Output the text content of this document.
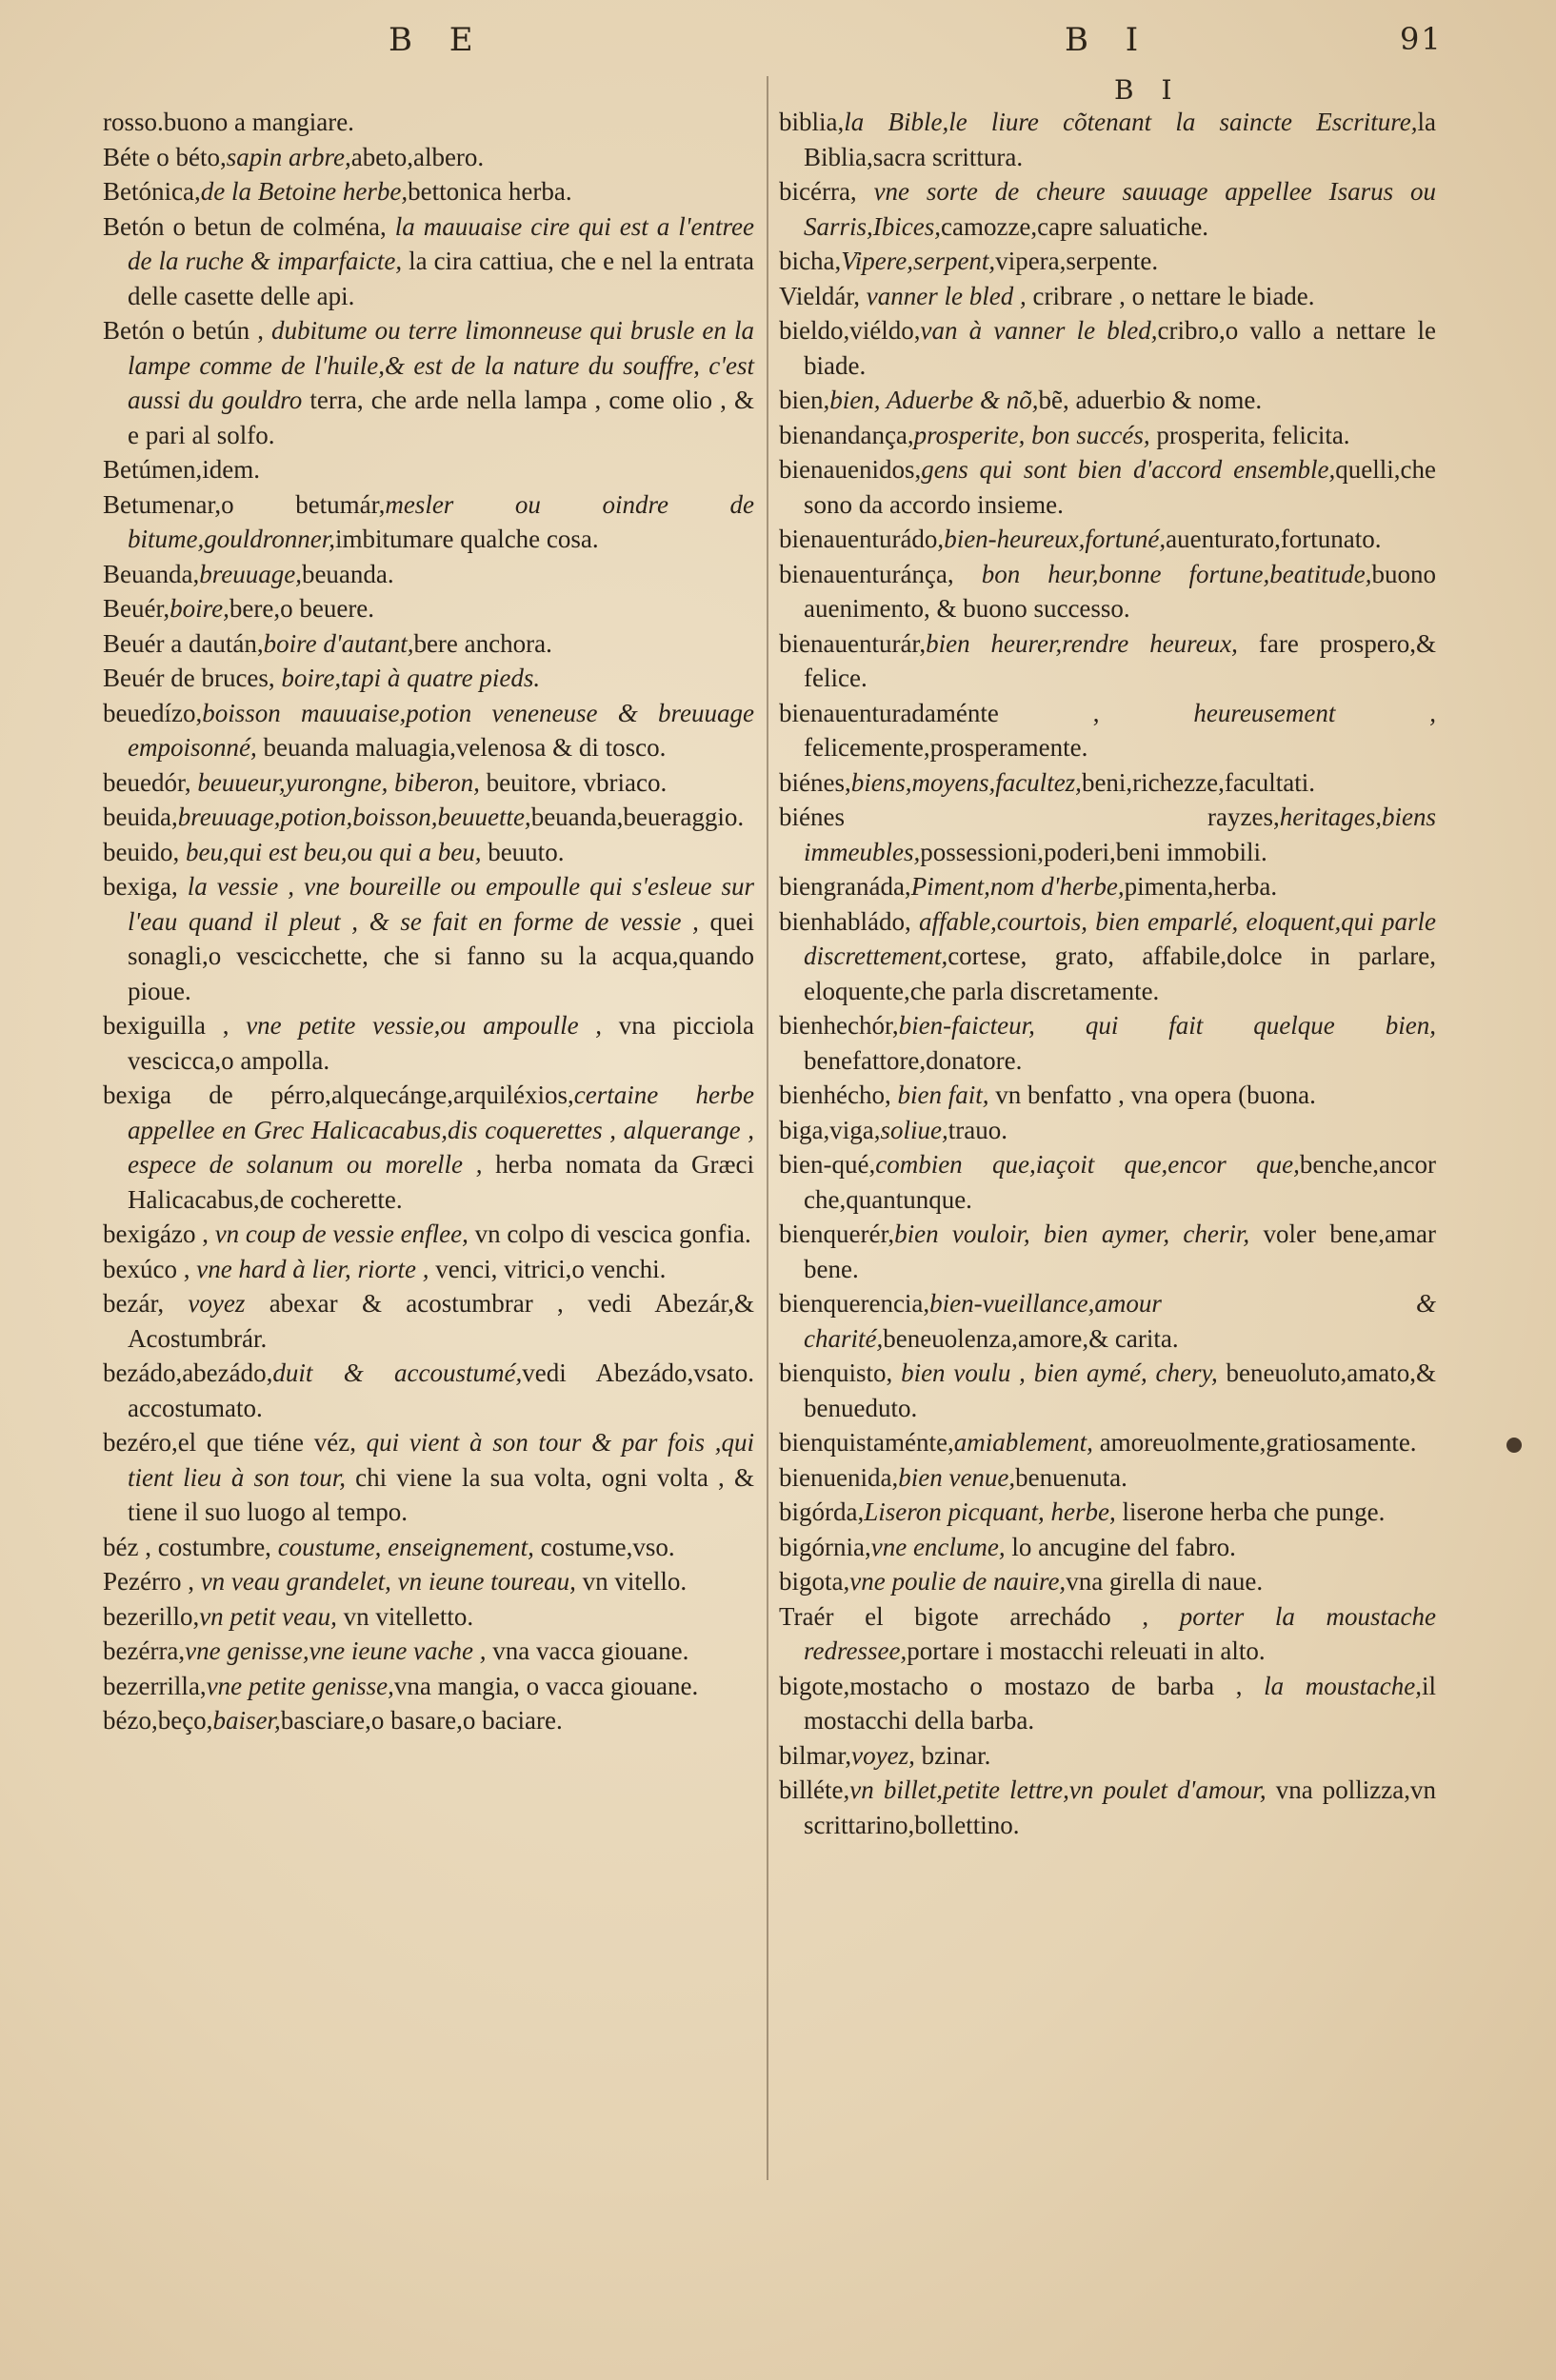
B E	B I	91
B I

rosso.buono a mangiare.

Béte o béto,sapin arbre,abeto,albero.

Betónica,de la Betoine herbe,bettonica herba.

Betón o betun de colména, la mauuaise cire qui est a l'entree de la ruche & imparfaicte, la cira cattiua, che e nel la entrata delle casette delle api.

Betón o betún , dubitume ou terre limonneuse qui brusle en la lampe comme de l'huile,& est de la nature du souffre, c'est aussi du gouldro terra, che arde nella lampa , come olio , & e pari al solfo.

Betúmen,idem.

Betumenar,o betumár,mesler ou oindre de bitume,gouldronner,imbitumare qualche cosa.

Beuanda,breuuage,beuanda.

Beuér,boire,bere,o beuere.

Beuér a daután,boire d'autant,bere anchora.

Beuér de bruces, boire,tapi à quatre pieds.

beuedízo,boisson mauuaise,potion veneneuse & breuuage empoisonné, beuanda maluagia,velenosa & di tosco.

beuedór, beuueur,yurongne, biberon, beuitore, vbriaco.

beuida,breuuage,potion,boisson,beuuette,beuanda,beueraggio.

beuido, beu,qui est beu,ou qui a beu, beuuto.

bexiga, la vessie , vne boureille ou empoulle qui s'esleue sur l'eau quand il pleut , & se fait en forme de vessie , quei sonagli,o vescicchette, che si fanno su la acqua,quando pioue.

bexiguilla , vne petite vessie,ou ampoulle , vna picciola vescicca,o ampolla.

bexiga de pérro,alquecánge,arquiléxios,certaine herbe appellee en Grec Halicacabus,dis coquerettes , alquerange , espece de solanum ou morelle , herba nomata da Græci Halicacabus,de cocherette.

bexigázo , vn coup de vessie enflee, vn colpo di vescica gonfia.

bexúco , vne hard à lier, riorte , venci, vitrici,o venchi.

bezár, voyez abexar & acostumbrar , vedi Abezár,& Acostumbrár.

bezádo,abezádo,duit & accoustumé,vedi Abezádo,vsato. accostumato.

bezéro,el que tiéne véz, qui vient à son tour & par fois ,qui tient lieu à son tour, chi viene la sua volta, ogni volta , & tiene il suo luogo al tempo.

béz , costumbre, coustume, enseignement, costume,vso.

Pezérro , vn veau grandelet, vn ieune toureau, vn vitello.

bezerillo,vn petit veau, vn vitelletto.

bezérra,vne genisse,vne ieune vache , vna vacca giouane.

bezerrilla,vne petite genisse,vna mangia, o vacca giouane.

bézo,beço,baiser,basciare,o basare,o baciare.

biblia,la Bible,le liure cõtenant la saincte Escriture,la Biblia,sacra scrittura.

bicérra, vne sorte de cheure sauuage appellee Isarus ou Sarris,Ibices,camozze,capre saluatiche.

bicha,Vipere,serpent,vipera,serpente.

Vieldár, vanner le bled , cribrare , o nettare le biade.

bieldo,viéldo,van à vanner le bled,cribro,o vallo a nettare le biade.

bien,bien, Aduerbe & nõ,bẽ, aduerbio & nome.

bienandança,prosperite, bon succés, prosperita, felicita.

bienauenidos,gens qui sont bien d'accord ensemble,quelli,che sono da accordo insieme.

bienauenturádo,bien-heureux,fortuné,auenturato,fortunato.

bienauenturánça, bon heur,bonne fortune,beatitude,buono auenimento, & buono successo.

bienauenturár,bien heurer,rendre heureux, fare prospero,& felice.

bienauenturadaménte , heureusement , felicemente,prosperamente.

biénes,biens,moyens,facultez,beni,richezze,facultati.

biénes rayzes,heritages,biens immeubles,possessioni,poderi,beni immobili.

biengranáda,Piment,nom d'herbe,pimenta,herba.

bienhabládo, affable,courtois, bien emparlé, eloquent,qui parle discrettement,cortese, grato, affabile,dolce in parlare, eloquente,che parla discretamente.

bienhechór,bien-faicteur, qui fait quelque bien, benefattore,donatore.

bienhécho, bien fait, vn benfatto , vna opera (buona.

biga,viga,soliue,trauo.

bien-qué,combien que,iaçoit que,encor que,benche,ancor che,quantunque.

bienquerér,bien vouloir, bien aymer, cherir, voler bene,amar bene.

bienquerencia,bien-vueillance,amour & charité,beneuolenza,amore,& carita.

bienquisto, bien voulu , bien aymé, chery, beneuoluto,amato,& benueduto.

bienquistaménte,amiablement, amoreuolmente,gratiosamente.

bienuenida,bien venue,benuenuta.

bigórda,Liseron picquant, herbe, liserone herba che punge.

bigórnia,vne enclume, lo ancugine del fabro.

bigota,vne poulie de nauire,vna girella di naue.

Traér el bigote arrechádo , porter la moustache redressee,portare i mostacchi releuati in alto.

bigote,mostacho o mostazo de barba , la moustache,il mostacchi della barba.

bilmar,voyez, bzinar.

billéte,vn billet,petite lettre,vn poulet d'amour, vna pollizza,vn scrittarino,bollettino.
